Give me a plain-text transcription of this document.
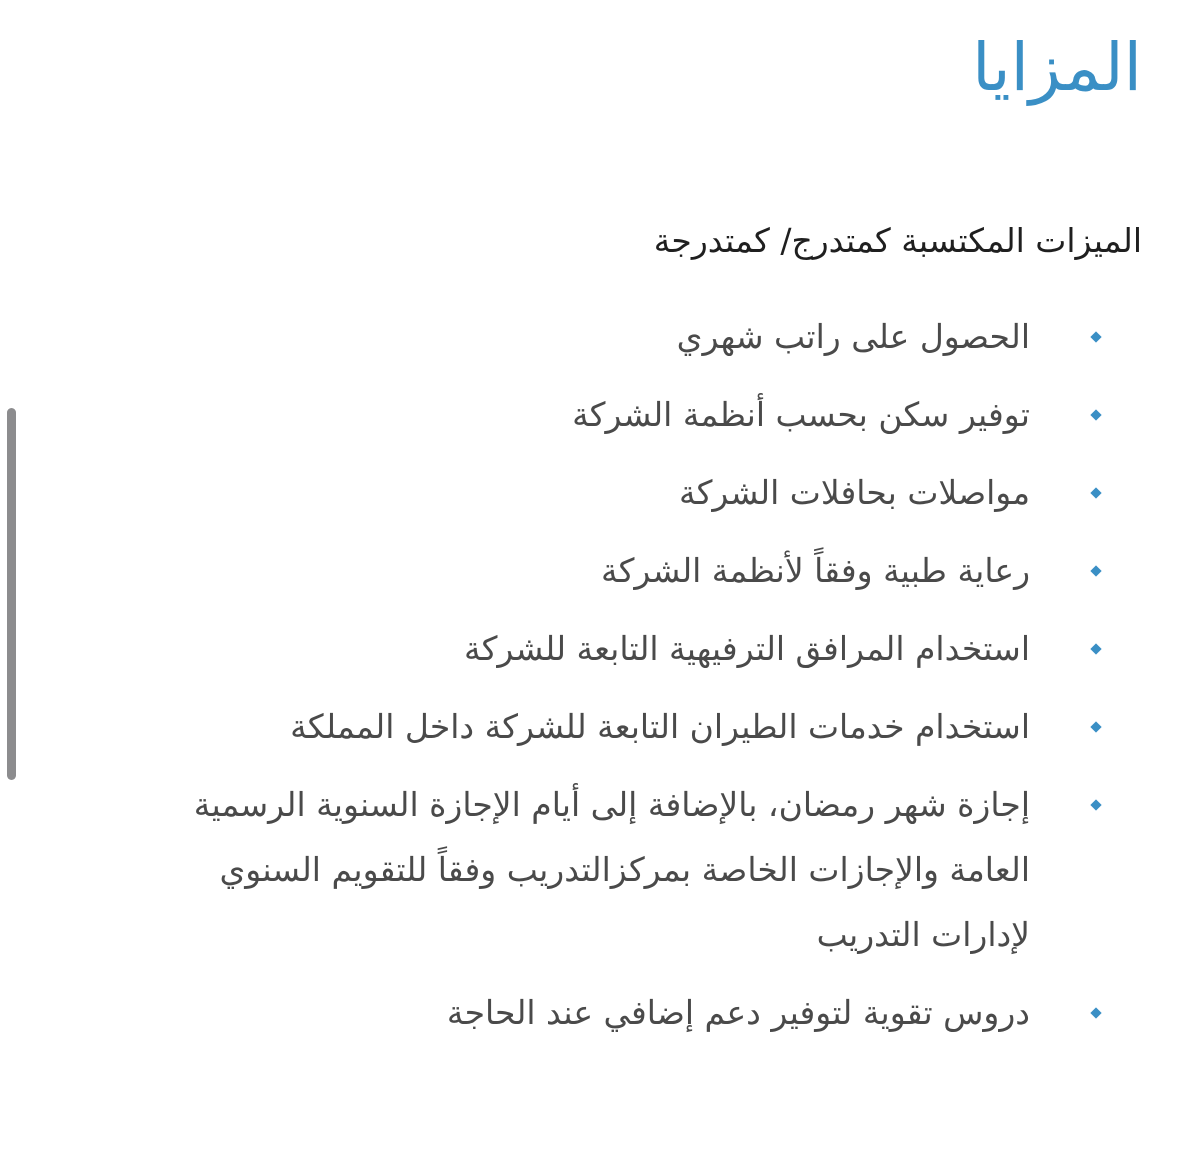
المزايا
الميزات المكتسبة كمتدرج/ كمتدرجة
الحصول على راتب شهري
توفير سكن بحسب أنظمة الشركة
مواصلات بحافلات الشركة
رعاية طبية وفقاً لأنظمة الشركة
استخدام المرافق الترفيهية التابعة للشركة
استخدام خدمات الطيران التابعة للشركة داخل المملكة
إجازة شهر رمضان، بالإضافة إلى أيام الإجازة السنوية الرسمية العامة والإجازات الخاصة بمركزالتدريب وفقاً للتقويم السنوي لإدارات التدريب
دروس تقوية لتوفير دعم إضافي عند الحاجة
